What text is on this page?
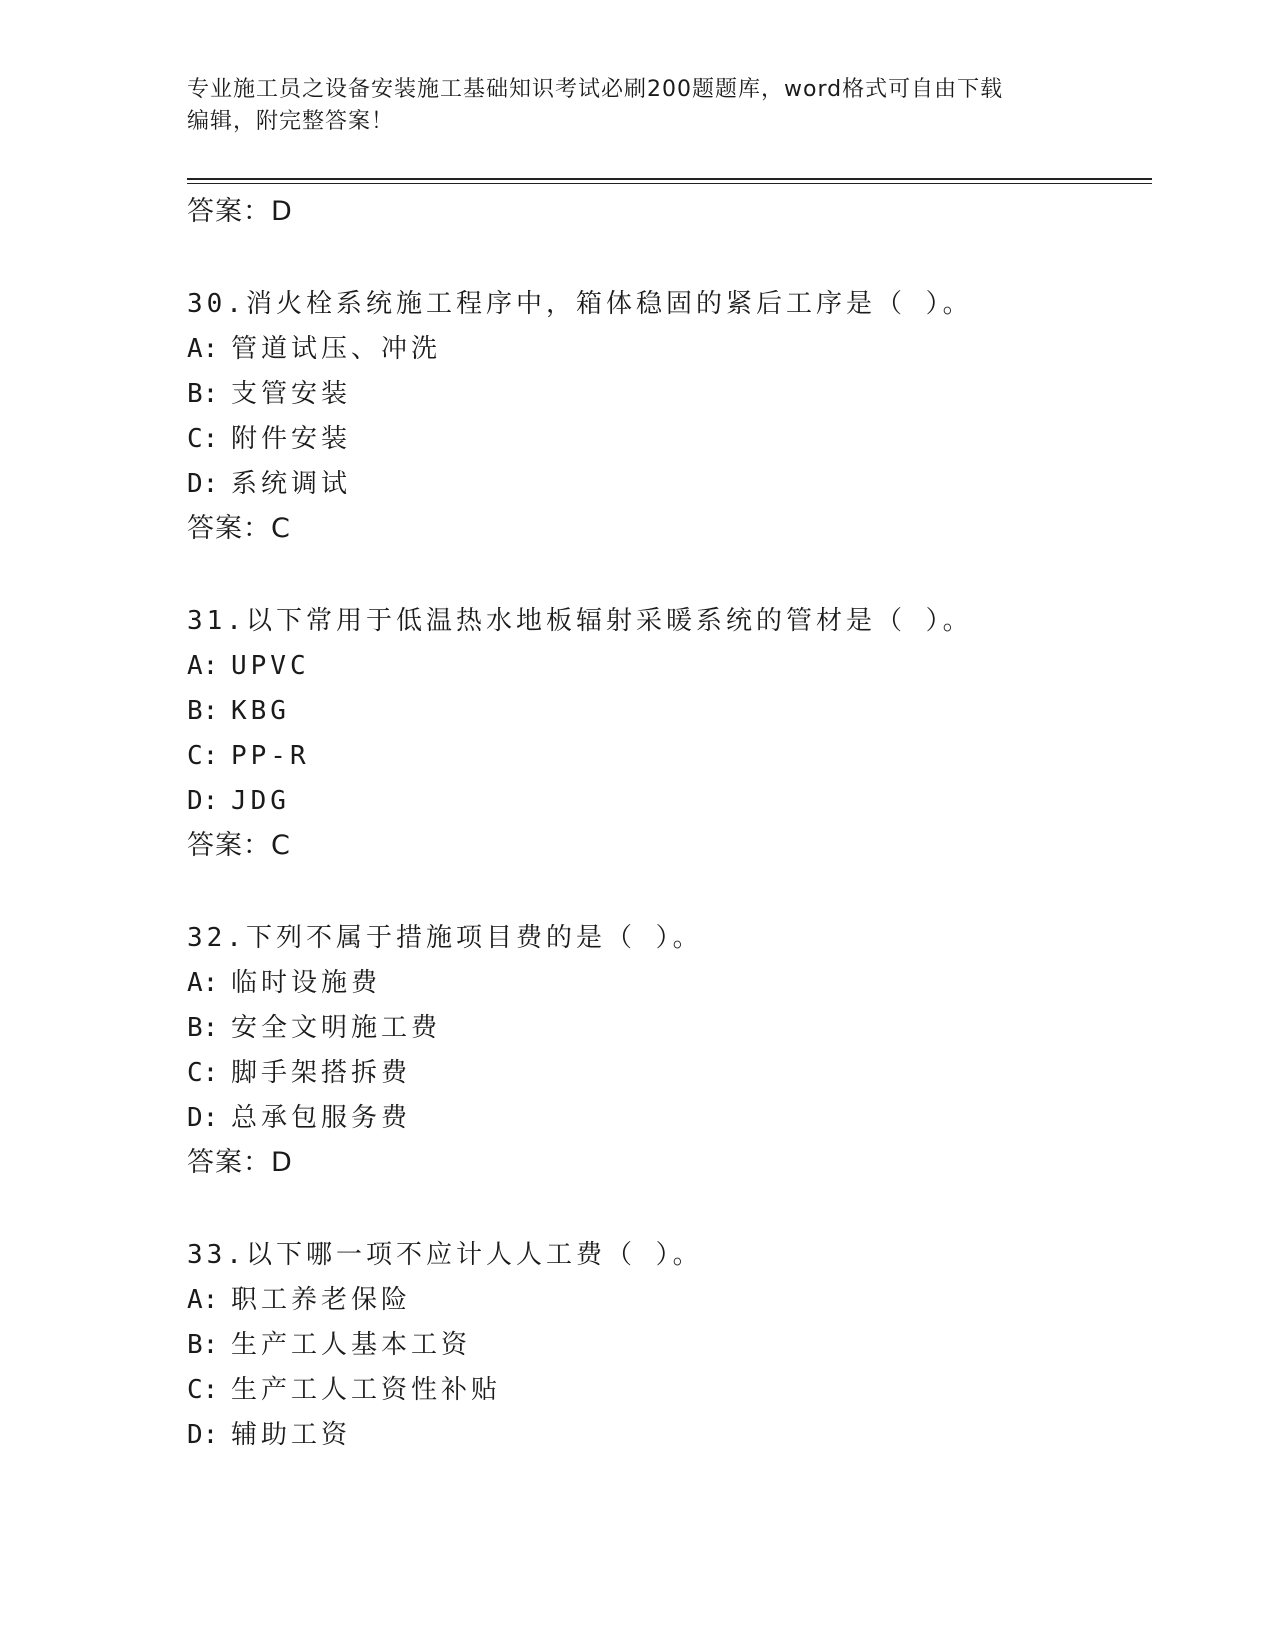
专业施工员之设备安装施工基础知识考试必刷200题题库，word格式可自由下载
编辑，附完整答案！
答案：D
30.消火栓系统施工程序中，箱体稳固的紧后工序是（ ）。
A: 管道试压、冲洗
B: 支管安装
C: 附件安装
D: 系统调试
答案：C
31.以下常用于低温热水地板辐射采暖系统的管材是（ ）。
A: UPVC
B: KBG
C: PP-R
D: JDG
答案：C
32.下列不属于措施项目费的是（ ）。
A: 临时设施费
B: 安全文明施工费
C: 脚手架搭拆费
D: 总承包服务费
答案：D
33.以下哪一项不应计人人工费（ ）。
A: 职工养老保险
B: 生产工人基本工资
C: 生产工人工资性补贴
D: 辅助工资
